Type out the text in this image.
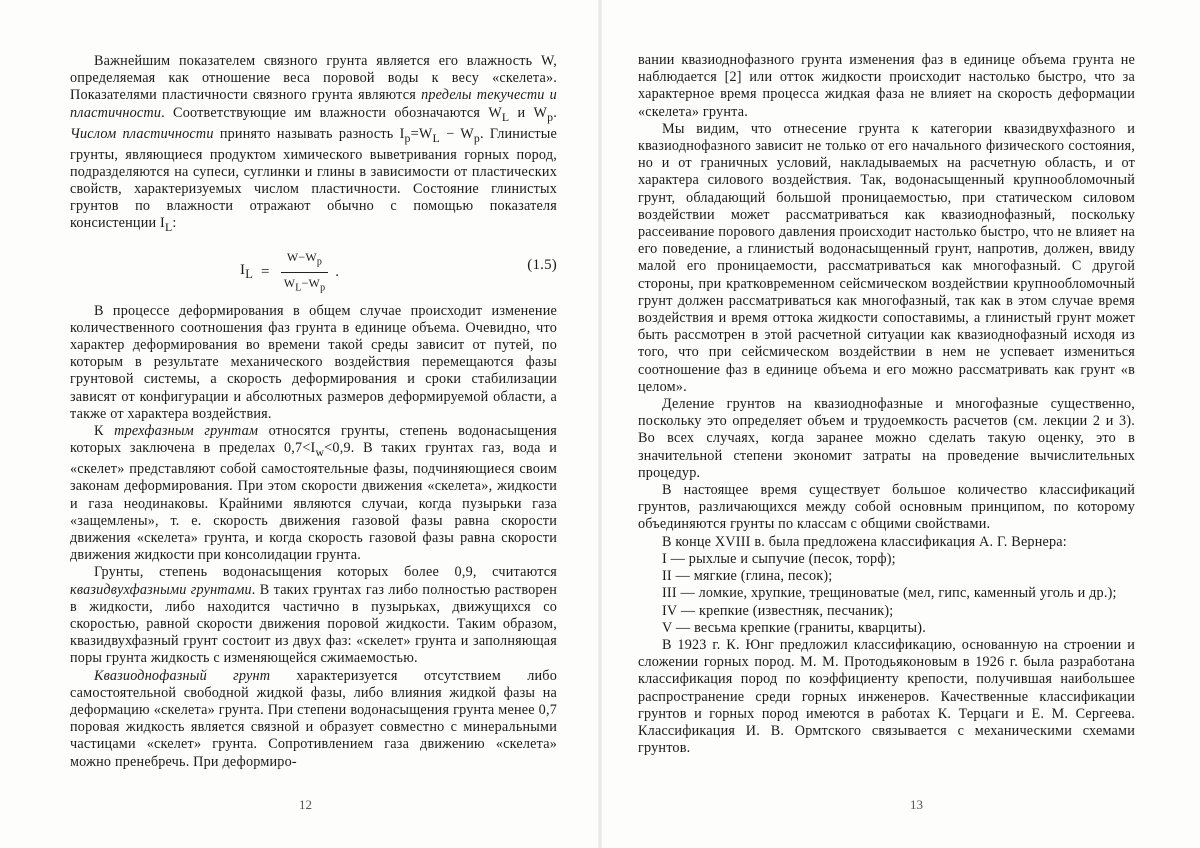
Важнейшим показателем связного грунта является его влажность W, определяемая как отношение веса поровой воды к весу «скелета». Показателями пластичности связного грунта являются пределы текучести и пластичности. Соответствующие им влажности обозначаются $W_L$ и $W_p$. Числом пластичности принято называть разность $I_p=W_L - W_p$. Глинистые грунты, являющиеся продуктом химического выветривания горных пород, подразделяются на супеси, суглинки и глины в зависимости от пластических свойств, характеризуемых числом пластичности. Состояние глинистых грунтов по влажности отражают обычно с помощью показателя консистенции $I_L$:

$I_L = \frac{W-W_p}{W_L-W_p}$ .	(1.5)

В процессе деформирования в общем случае происходит изменение количественного соотношения фаз грунта в единице объема. Очевидно, что характер деформирования во времени такой среды зависит от путей, по которым в результате механического воздействия перемещаются фазы грунтовой системы, а скорость деформирования и сроки стабилизации зависят от конфигурации и абсолютных размеров деформируемой области, а также от характера воздействия.

К трехфазным грунтам относятся грунты, степень водонасыщения которых заключена в пределах $0,7<I_w<0,9$. В таких грунтах газ, вода и «скелет» представляют собой самостоятельные фазы, подчиняющиеся своим законам деформирования. При этом скорости движения «скелета», жидкости и газа неодинаковы. Крайними являются случаи, когда пузырьки газа «защемлены», т. е. скорость движения газовой фазы равна скорости движения «скелета» грунта, и когда скорость газовой фазы равна скорости движения жидкости при консолидации грунта.

Грунты, степень водонасыщения которых более 0,9, считаются квазидвухфазными грунтами. В таких грунтах газ либо полностью растворен в жидкости, либо находится частично в пузырьках, движущихся со скоростью, равной скорости движения поровой жидкости. Таким образом, квазидвухфазный грунт состоит из двух фаз: «скелет» грунта и заполняющая поры грунта жидкость с изменяющейся сжимаемостью.

Квазиоднофазный грунт характеризуется отсутствием либо самостоятельной свободной жидкой фазы, либо влияния жидкой фазы на деформацию «скелета» грунта. При степени водонасыщения грунта менее 0,7 поровая жидкость является связной и образует совместно с минеральными частицами «скелет» грунта. Сопротивлением газа движению «скелета» можно пренебречь. При деформиро-

12

вании квазиоднофазного грунта изменения фаз в единице объема грунта не наблюдается [2] или отток жидкости происходит настолько быстро, что за характерное время процесса жидкая фаза не влияет на скорость деформации «скелета» грунта.

Мы видим, что отнесение грунта к категории квазидвухфазного и квазиоднофазного зависит не только от его начального физического состояния, но и от граничных условий, накладываемых на расчетную область, и от характера силового воздействия. Так, водонасыщенный крупнообломочный грунт, обладающий большой проницаемостью, при статическом силовом воздействии может рассматриваться как квазиоднофазный, поскольку рассеивание порового давления происходит настолько быстро, что не влияет на его поведение, а глинистый водонасыщенный грунт, напротив, должен, ввиду малой его проницаемости, рассматриваться как многофазный. С другой стороны, при кратковременном сейсмическом воздействии крупнообломочный грунт должен рассматриваться как многофазный, так как в этом случае время воздействия и время оттока жидкости сопоставимы, а глинистый грунт может быть рассмотрен в этой расчетной ситуации как квазиоднофазный исходя из того, что при сейсмическом воздействии в нем не успевает измениться соотношение фаз в единице объема и его можно рассматривать как грунт «в целом».

Деление грунтов на квазиоднофазные и многофазные существенно, поскольку это определяет объем и трудоемкость расчетов (см. лекции 2 и 3). Во всех случаях, когда заранее можно сделать такую оценку, это в значительной степени экономит затраты на проведение вычислительных процедур.

В настоящее время существует большое количество классификаций грунтов, различающихся между собой основным принципом, по которому объединяются грунты по классам с общими свойствами.

В конце XVIII в. была предложена классификация А. Г. Вернера:

I — рыхлые и сыпучие (песок, торф);

II — мягкие (глина, песок);

III — ломкие, хрупкие, трещиноватые (мел, гипс, каменный уголь и др.);

IV — крепкие (известняк, песчаник);

V — весьма крепкие (граниты, кварциты).

В 1923 г. К. Юнг предложил классификацию, основанную на строении и сложении горных пород. М. М. Протодьяконовым в 1926 г. была разработана классификация пород по коэффициенту крепости, получившая наибольшее распространение среди горных инженеров. Качественные классификации грунтов и горных пород имеются в работах К. Терцаги и Е. М. Сергеева. Классификация И. В. Ормтского связывается с механическими схемами грунтов.

13
